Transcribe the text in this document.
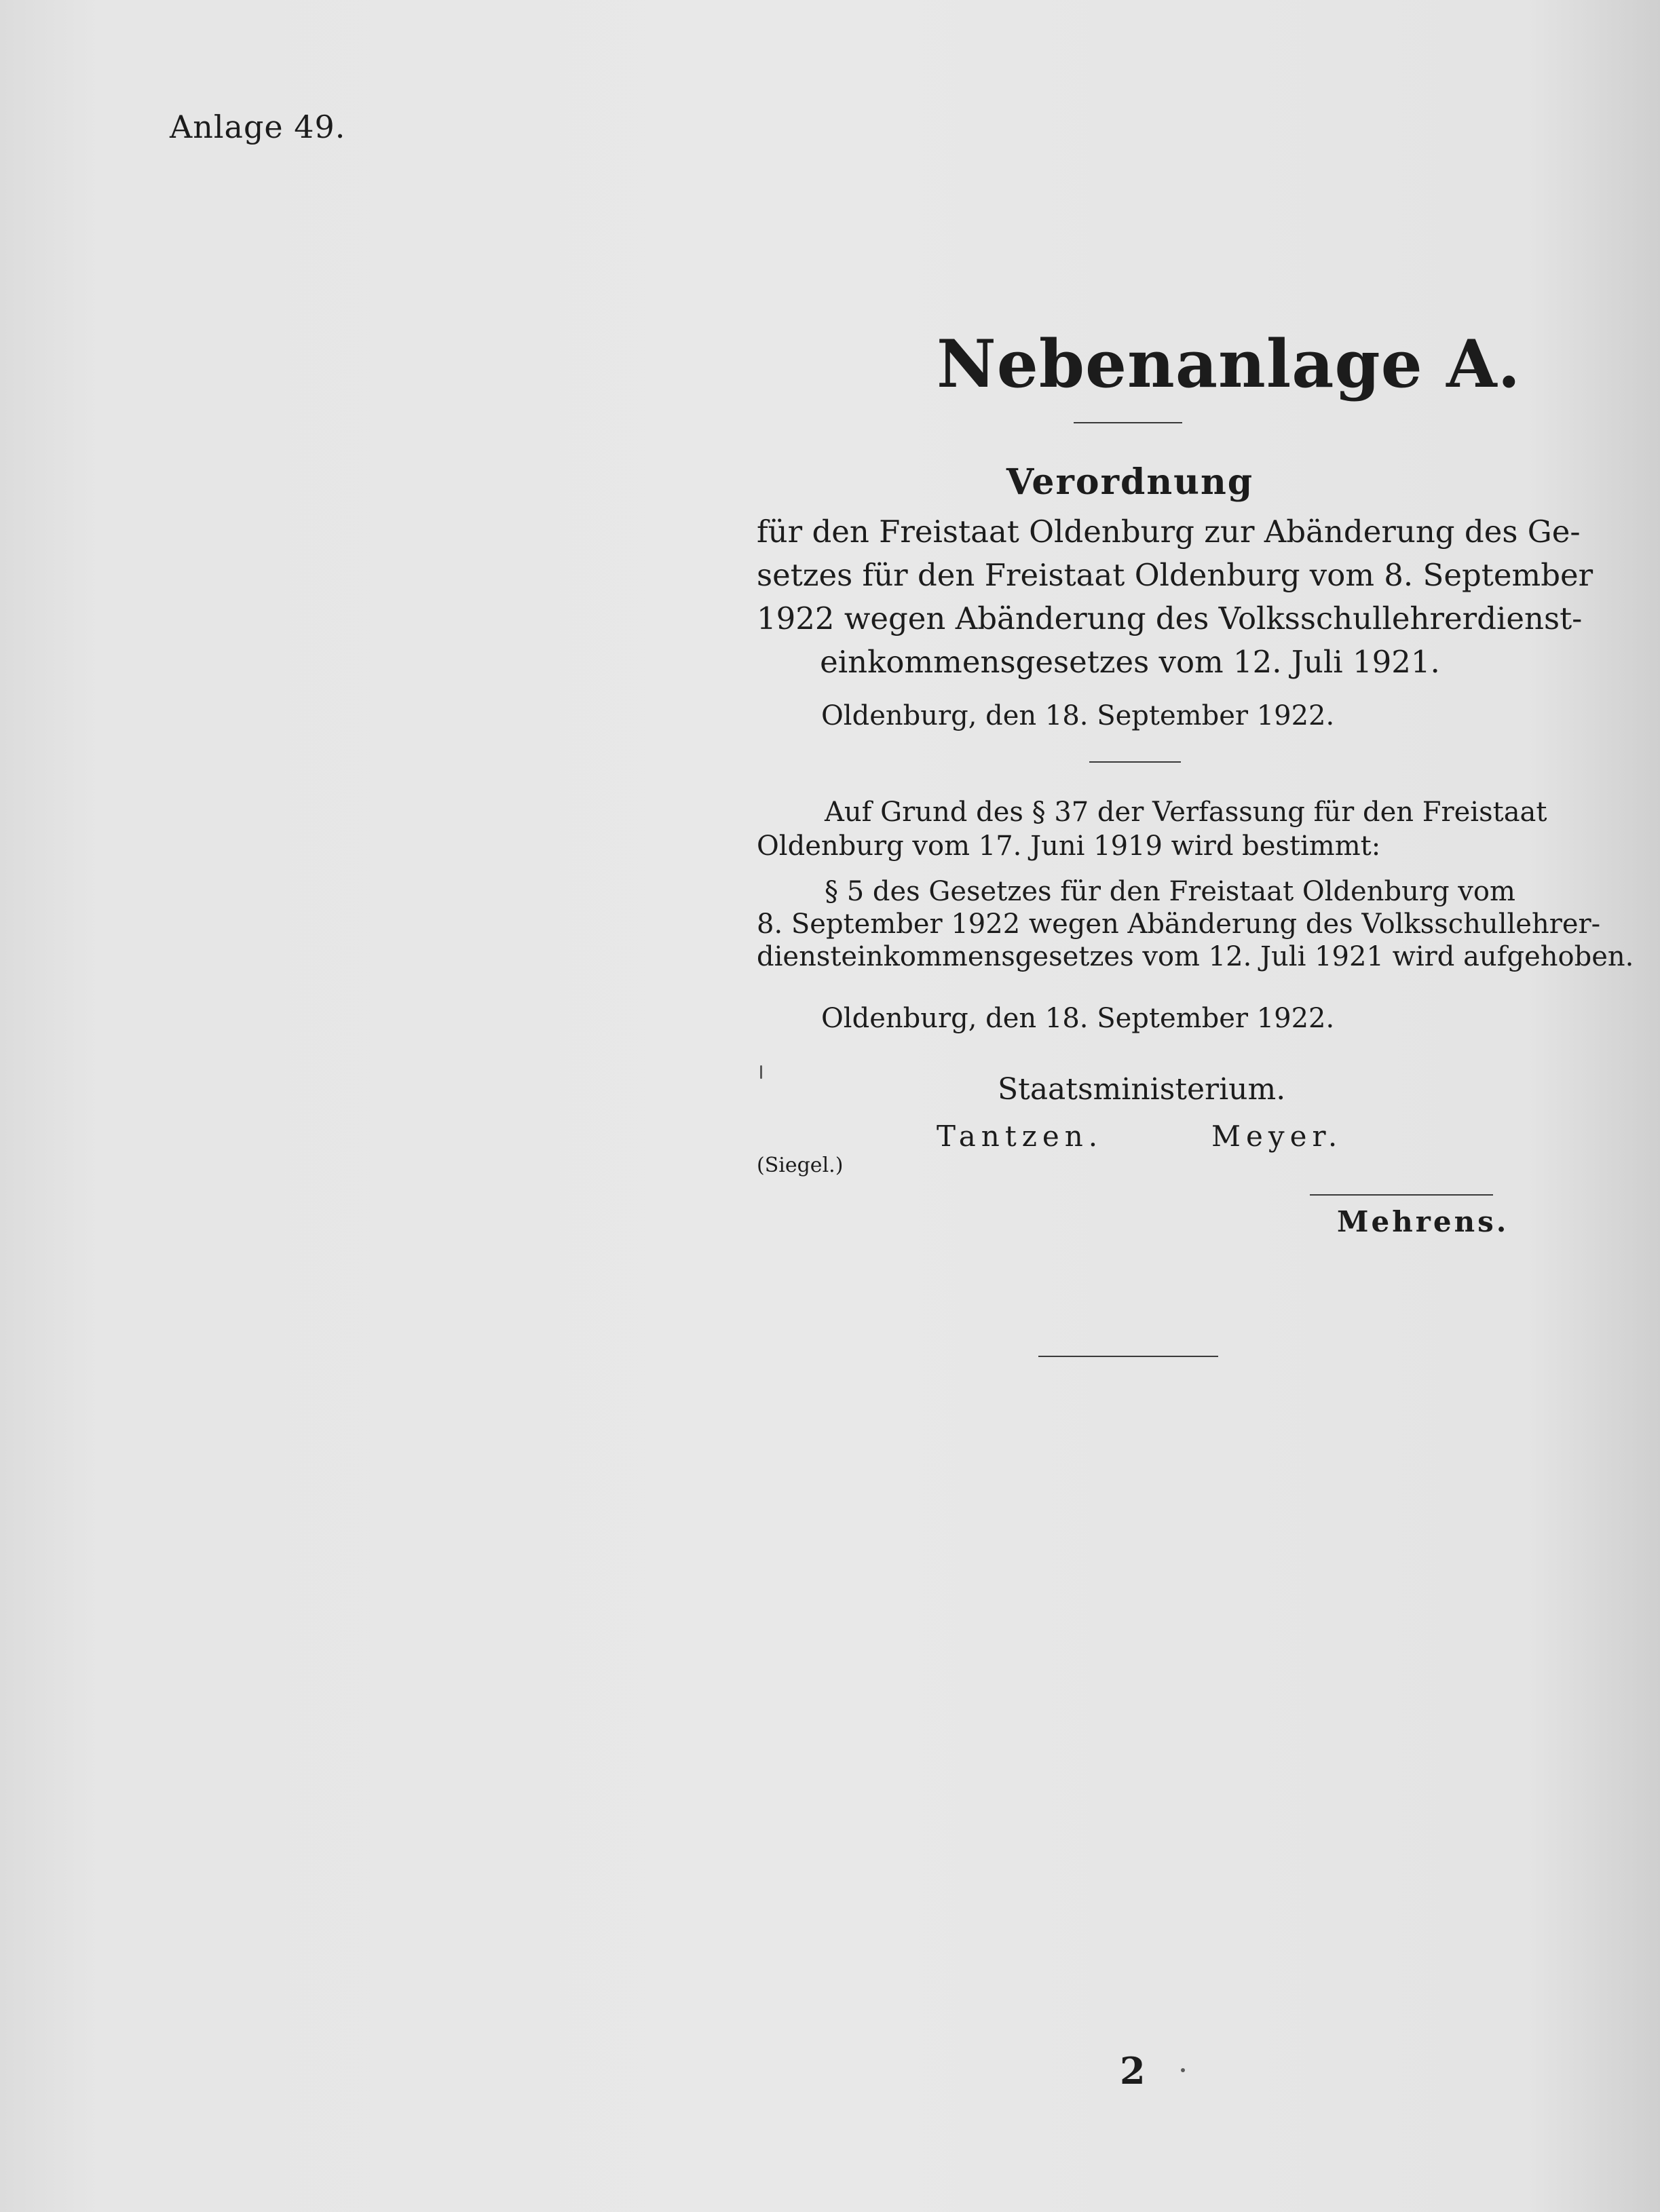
Anlage 49.
Nebenanlage A.
Verordnung
für den Freistaat Oldenburg zur Abänderung des Ge-
setzes für den Freistaat Oldenburg vom 8. September
1922 wegen Abänderung des Volksschullehrerdienst-
einkommensgesetzes vom 12. Juli 1921.
Oldenburg, den 18. September 1922.
Auf Grund des § 37 der Verfassung für den Freistaat
Oldenburg vom 17. Juni 1919 wird bestimmt:
§ 5 des Gesetzes für den Freistaat Oldenburg vom
8. September 1922 wegen Abänderung des Volksschullehrer-
diensteinkommensgesetzes vom 12. Juli 1921 wird aufgehoben.
Oldenburg, den 18. September 1922.
Staatsministerium.
Tantzen.	Meyer.
(Siegel.)
Mehrens.
2
